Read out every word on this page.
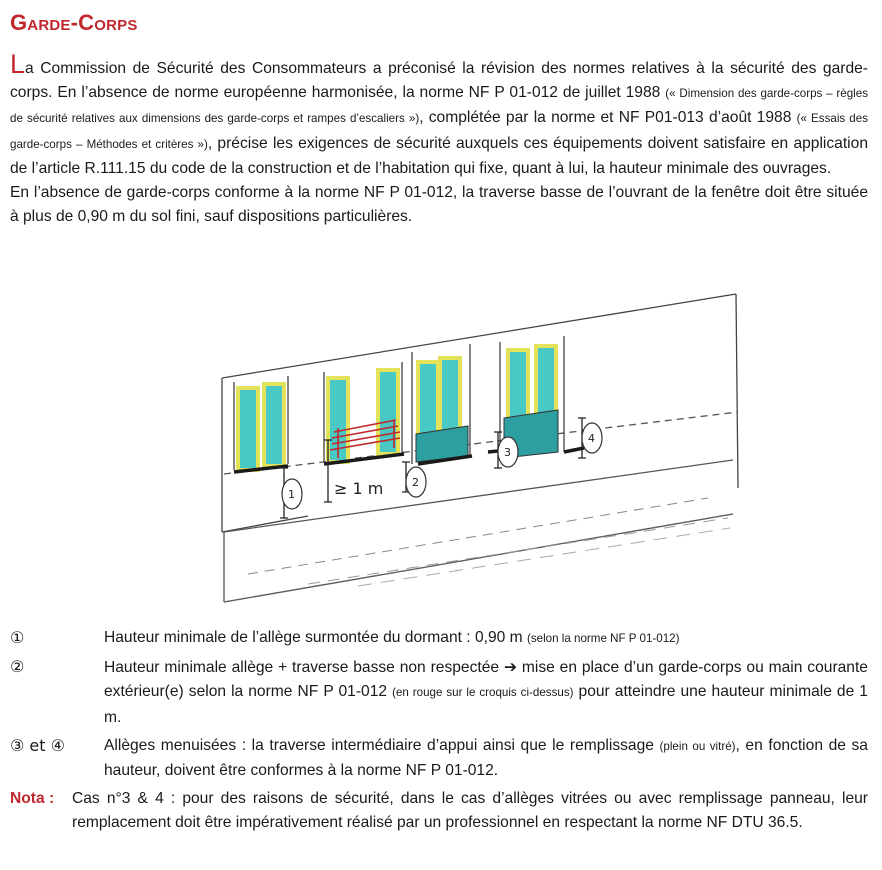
Garde-Corps
La Commission de Sécurité des Consommateurs a préconisé la révision des normes relatives à la sécurité des garde-corps. En l’absence de norme européenne harmonisée, la norme NF P 01-012 de juillet 1988 (« Dimension des garde-corps – règles de sécurité relatives aux dimensions des garde-corps et rampes d’escaliers »), complétée par la norme et NF P01-013 d’août 1988 (« Essais des garde-corps – Méthodes et critères »), précise les exigences de sécurité auxquels ces équipements doivent satisfaire en application de l’article R.111.15 du code de la construction et de l’habitation qui fixe, quant à lui, la hauteur minimale des ouvrages.
En l’absence de garde-corps conforme à la norme NF P 01-012, la traverse basse de l’ouvrant de la fenêtre doit être située à plus de 0,90 m du sol fini, sauf dispositions particulières.
1
2
3
4
≥ 1 m
①	Hauteur minimale de l’allège surmontée du dormant : 0,90 m (selon la norme NF P 01-012)
②	Hauteur minimale allège + traverse basse non respectée ➔ mise en place d’un garde-corps ou main courante extérieur(e) selon la norme NF P 01-012 (en rouge sur le croquis ci-dessus) pour atteindre une hauteur minimale de 1 m.
③ et ④	Allèges menuisées : la traverse intermédiaire d’appui ainsi que le remplissage (plein ou vitré), en fonction de sa hauteur, doivent être conformes à la norme NF P 01-012.
Nota :	Cas n°3 & 4 : pour des raisons de sécurité, dans le cas d’allèges vitrées ou avec remplissage panneau, leur remplacement doit être impérativement réalisé par un professionnel en respectant la norme NF DTU 36.5.
